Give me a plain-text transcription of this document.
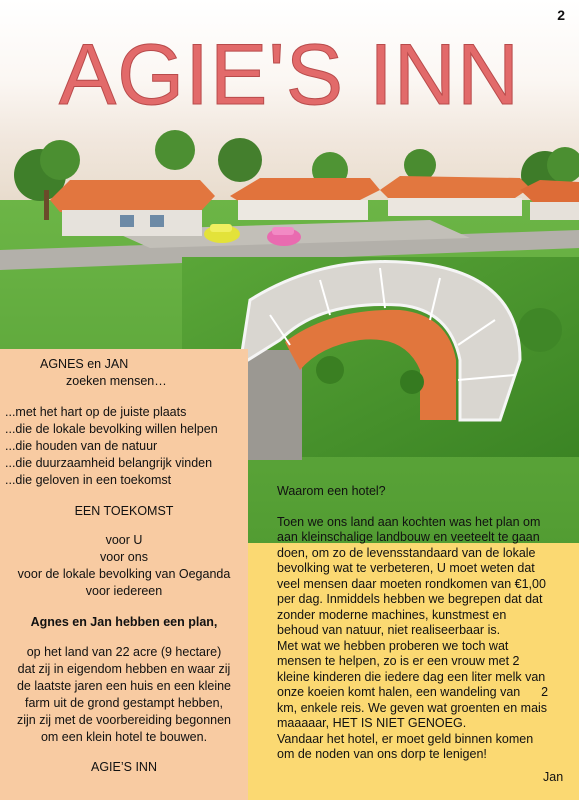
2
AGIE'S INN
AGNES en JAN
zoeken mensen…
...met het hart op de juiste plaats
...die de lokale bevolking willen helpen
...die houden van de natuur
...die duurzaamheid belangrijk vinden
...die geloven in een toekomst
EEN TOEKOMST
voor U
voor ons
voor de lokale bevolking van Oeganda
voor iedereen
Agnes en Jan hebben een plan,
op het land van 22 acre (9 hectare)
dat zij in eigendom hebben en waar zij
de laatste jaren een huis en een kleine
farm uit de grond gestampt hebben,
zijn zij met de voorbereiding begonnen
om een klein hotel te bouwen.
AGIE’S INN
Waarom een hotel?
Toen we ons land aan kochten was het plan om
aan kleinschalige landbouw en veeteelt te gaan
doen, om zo de levensstandaard van de lokale
bevolking wat te verbeteren, U moet weten dat
veel mensen daar moeten rondkomen van €1,00
per dag. Inmiddels hebben we begrepen dat dat
zonder moderne machines, kunstmest en
behoud van natuur, niet realiseerbaar is.
Met wat we hebben proberen we toch wat
mensen te helpen, zo is er een vrouw met 2
kleine kinderen die iedere dag een liter melk van
onze koeien komt halen, een wandeling van      2
km, enkele reis. We geven wat groenten en mais
maaaaar, HET IS NIET GENOEG.
Vandaar het hotel, er moet geld binnen komen
om de noden van ons dorp te lenigen!
Jan
